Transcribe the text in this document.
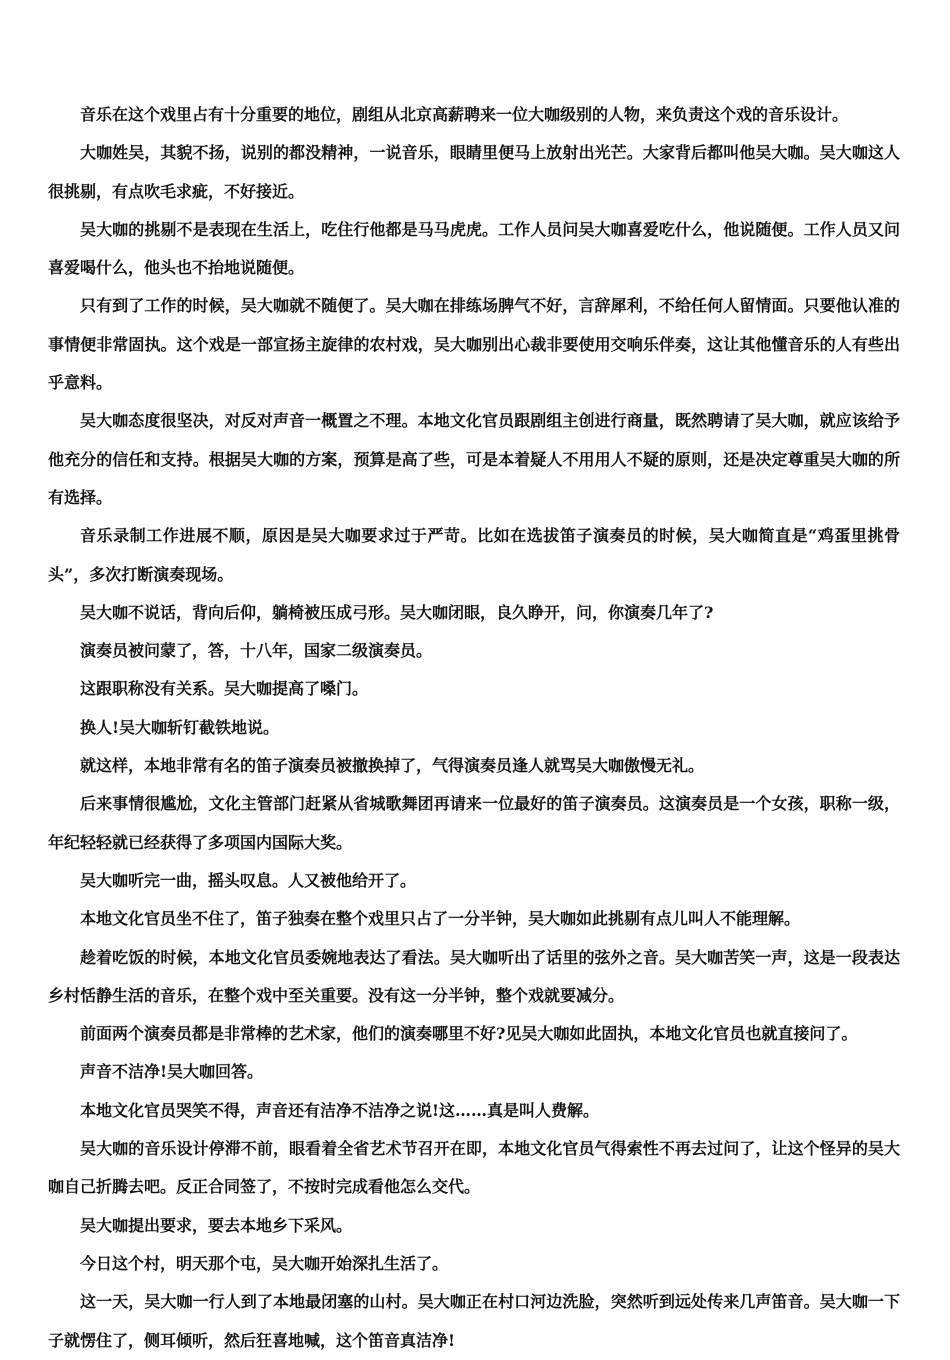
音乐在这个戏里占有十分重要的地位，剧组从北京高薪聘来一位大咖级别的人物，来负责这个戏的音乐设计。

大咖姓吴，其貌不扬，说别的都没精神，一说音乐，眼睛里便马上放射出光芒。大家背后都叫他吴大咖。吴大咖这人很挑剔，有点吹毛求疵，不好接近。

吴大咖的挑剔不是表现在生活上，吃住行他都是马马虎虎。工作人员问吴大咖喜爱吃什么，他说随便。工作人员又问喜爱喝什么，他头也不抬地说随便。

只有到了工作的时候，吴大咖就不随便了。吴大咖在排练场脾气不好，言辞犀利，不给任何人留情面。只要他认准的事情便非常固执。这个戏是一部宣扬主旋律的农村戏，吴大咖别出心裁非要使用交响乐伴奏，这让其他懂音乐的人有些出乎意料。

吴大咖态度很坚决，对反对声音一概置之不理。本地文化官员跟剧组主创进行商量，既然聘请了吴大咖，就应该给予他充分的信任和支持。根据吴大咖的方案，预算是高了些，可是本着疑人不用用人不疑的原则，还是决定尊重吴大咖的所有选择。

音乐录制工作进展不顺，原因是吴大咖要求过于严苛。比如在选拔笛子演奏员的时候，吴大咖简直是“鸡蛋里挑骨头”，多次打断演奏现场。

吴大咖不说话，背向后仰，躺椅被压成弓形。吴大咖闭眼，良久睁开，问，你演奏几年了?

演奏员被问蒙了，答，十八年，国家二级演奏员。

这跟职称没有关系。吴大咖提高了嗓门。

换人!吴大咖斩钉截铁地说。

就这样，本地非常有名的笛子演奏员被撤换掉了，气得演奏员逢人就骂吴大咖傲慢无礼。

后来事情很尴尬，文化主管部门赶紧从省城歌舞团再请来一位最好的笛子演奏员。这演奏员是一个女孩，职称一级，年纪轻轻就已经获得了多项国内国际大奖。

吴大咖听完一曲，摇头叹息。人又被他给开了。

本地文化官员坐不住了，笛子独奏在整个戏里只占了一分半钟，吴大咖如此挑剔有点儿叫人不能理解。

趁着吃饭的时候，本地文化官员委婉地表达了看法。吴大咖听出了话里的弦外之音。吴大咖苦笑一声，这是一段表达乡村恬静生活的音乐，在整个戏中至关重要。没有这一分半钟，整个戏就要减分。

前面两个演奏员都是非常棒的艺术家，他们的演奏哪里不好?见吴大咖如此固执，本地文化官员也就直接问了。

声音不洁净!吴大咖回答。

本地文化官员哭笑不得，声音还有洁净不洁净之说!这……真是叫人费解。

吴大咖的音乐设计停滞不前，眼看着全省艺术节召开在即，本地文化官员气得索性不再去过问了，让这个怪异的吴大咖自己折腾去吧。反正合同签了，不按时完成看他怎么交代。

吴大咖提出要求，要去本地乡下采风。

今日这个村，明天那个屯，吴大咖开始深扎生活了。

这一天，吴大咖一行人到了本地最闭塞的山村。吴大咖正在村口河边洗脸，突然听到远处传来几声笛音。吴大咖一下子就愣住了，侧耳倾听，然后狂喜地喊，这个笛音真洁净!
